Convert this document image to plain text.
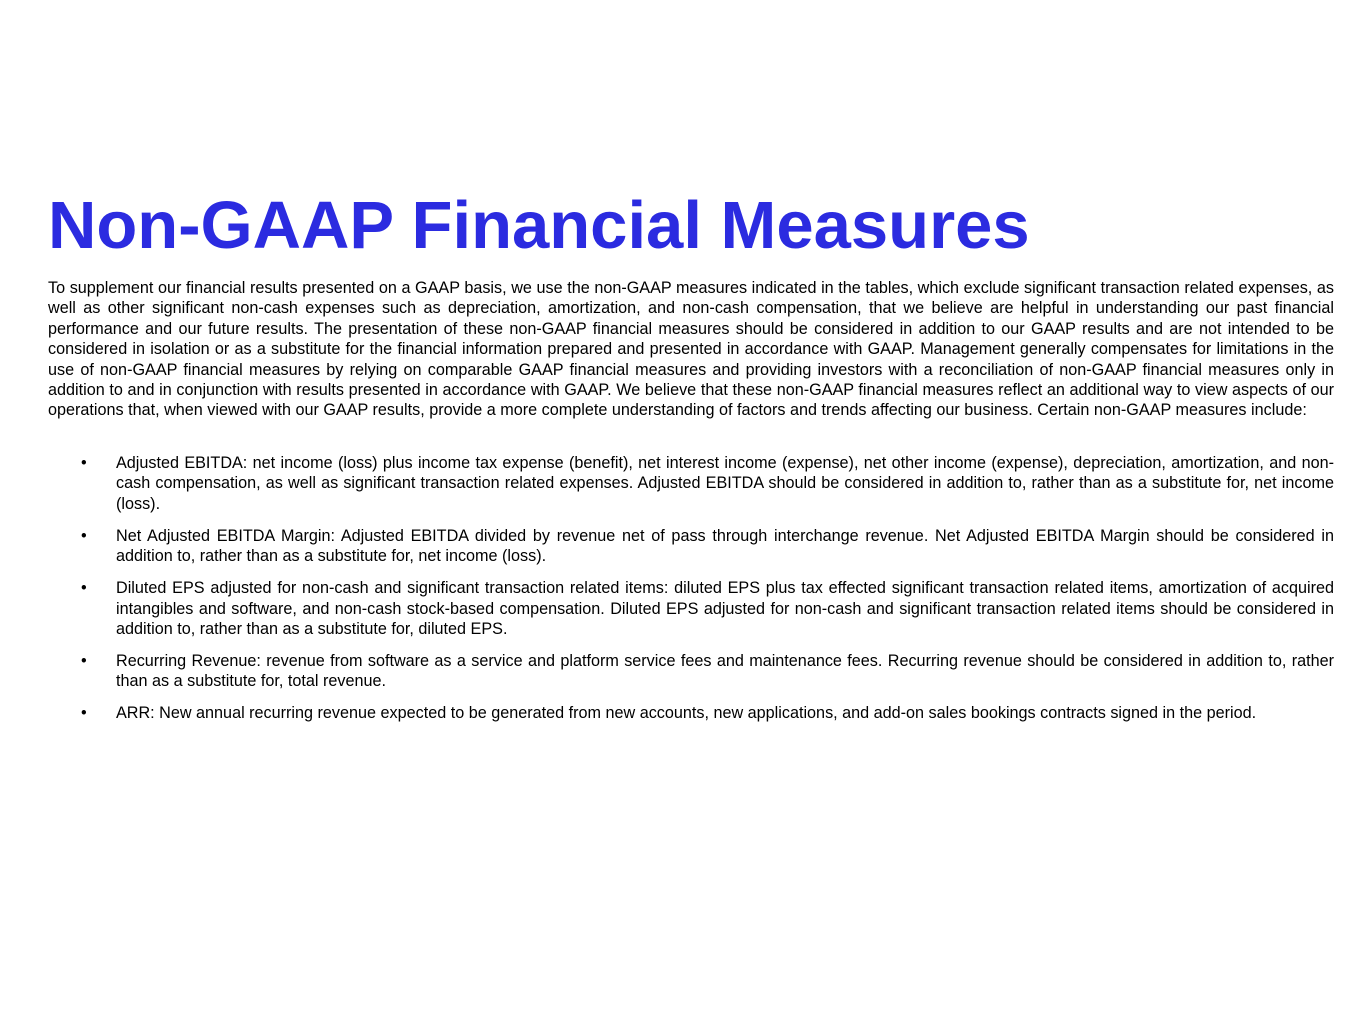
Non-GAAP Financial Measures

To supplement our financial results presented on a GAAP basis, we use the non-GAAP measures indicated in the tables, which exclude significant transaction related expenses, as well as other significant non-cash expenses such as depreciation, amortization, and non-cash compensation, that we believe are helpful in understanding our past financial performance and our future results. The presentation of these non-GAAP financial measures should be considered in addition to our GAAP results and are not intended to be considered in isolation or as a substitute for the financial information prepared and presented in accordance with GAAP. Management generally compensates for limitations in the use of non-GAAP financial measures by relying on comparable GAAP financial measures and providing investors with a reconciliation of non-GAAP financial measures only in addition to and in conjunction with results presented in accordance with GAAP. We believe that these non-GAAP financial measures reflect an additional way to view aspects of our operations that, when viewed with our GAAP results, provide a more complete understanding of factors and trends affecting our business. Certain non-GAAP measures include:

• Adjusted EBITDA: net income (loss) plus income tax expense (benefit), net interest income (expense), net other income (expense), depreciation, amortization, and non-cash compensation, as well as significant transaction related expenses. Adjusted EBITDA should be considered in addition to, rather than as a substitute for, net income (loss).
• Net Adjusted EBITDA Margin: Adjusted EBITDA divided by revenue net of pass through interchange revenue. Net Adjusted EBITDA Margin should be considered in addition to, rather than as a substitute for, net income (loss).
• Diluted EPS adjusted for non-cash and significant transaction related items: diluted EPS plus tax effected significant transaction related items, amortization of acquired intangibles and software, and non-cash stock-based compensation. Diluted EPS adjusted for non-cash and significant transaction related items should be considered in addition to, rather than as a substitute for, diluted EPS.
• Recurring Revenue: revenue from software as a service and platform service fees and maintenance fees. Recurring revenue should be considered in addition to, rather than as a substitute for, total revenue.
• ARR: New annual recurring revenue expected to be generated from new accounts, new applications, and add-on sales bookings contracts signed in the period.
